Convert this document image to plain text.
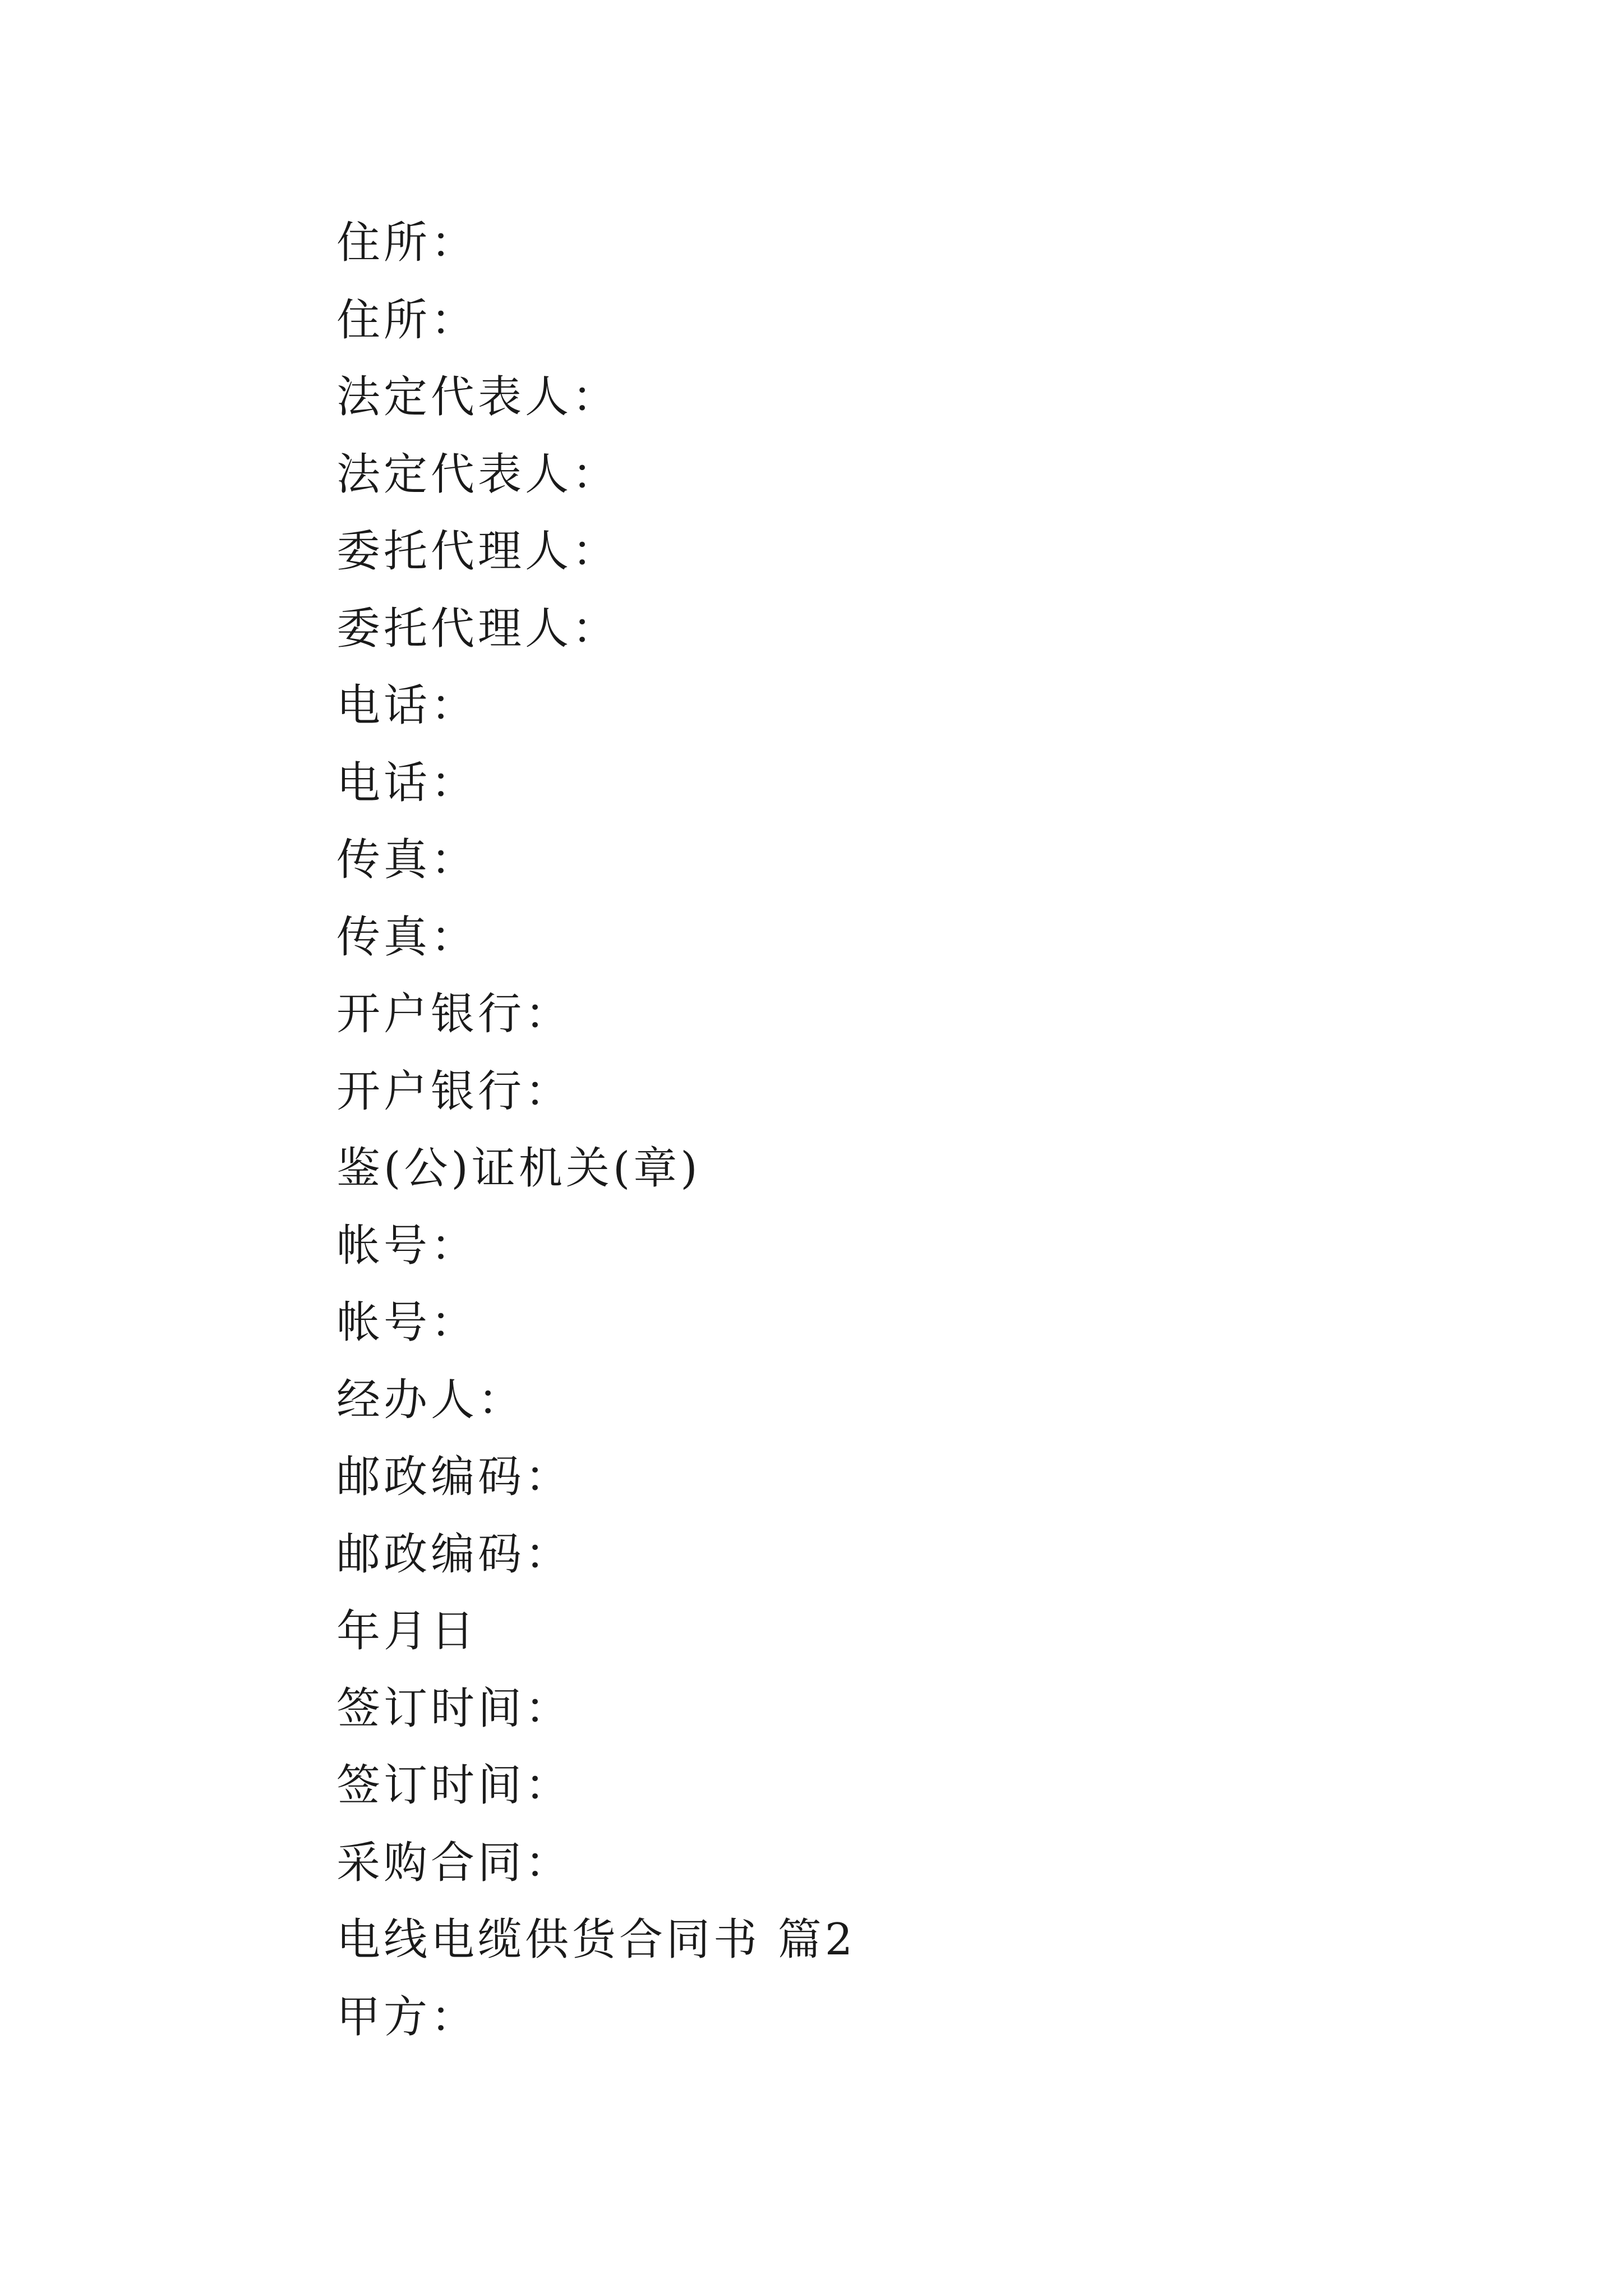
住所：
住所：
法定代表人：
法定代表人：
委托代理人：
委托代理人：
电话：
电话：
传真：
传真：
开户银行：
开户银行：
鉴(公)证机关(章)
帐号：
帐号：
经办人：
邮政编码：
邮政编码：
年月日
签订时间：
签订时间：
采购合同：
电线电缆供货合同书 篇2
甲方：
